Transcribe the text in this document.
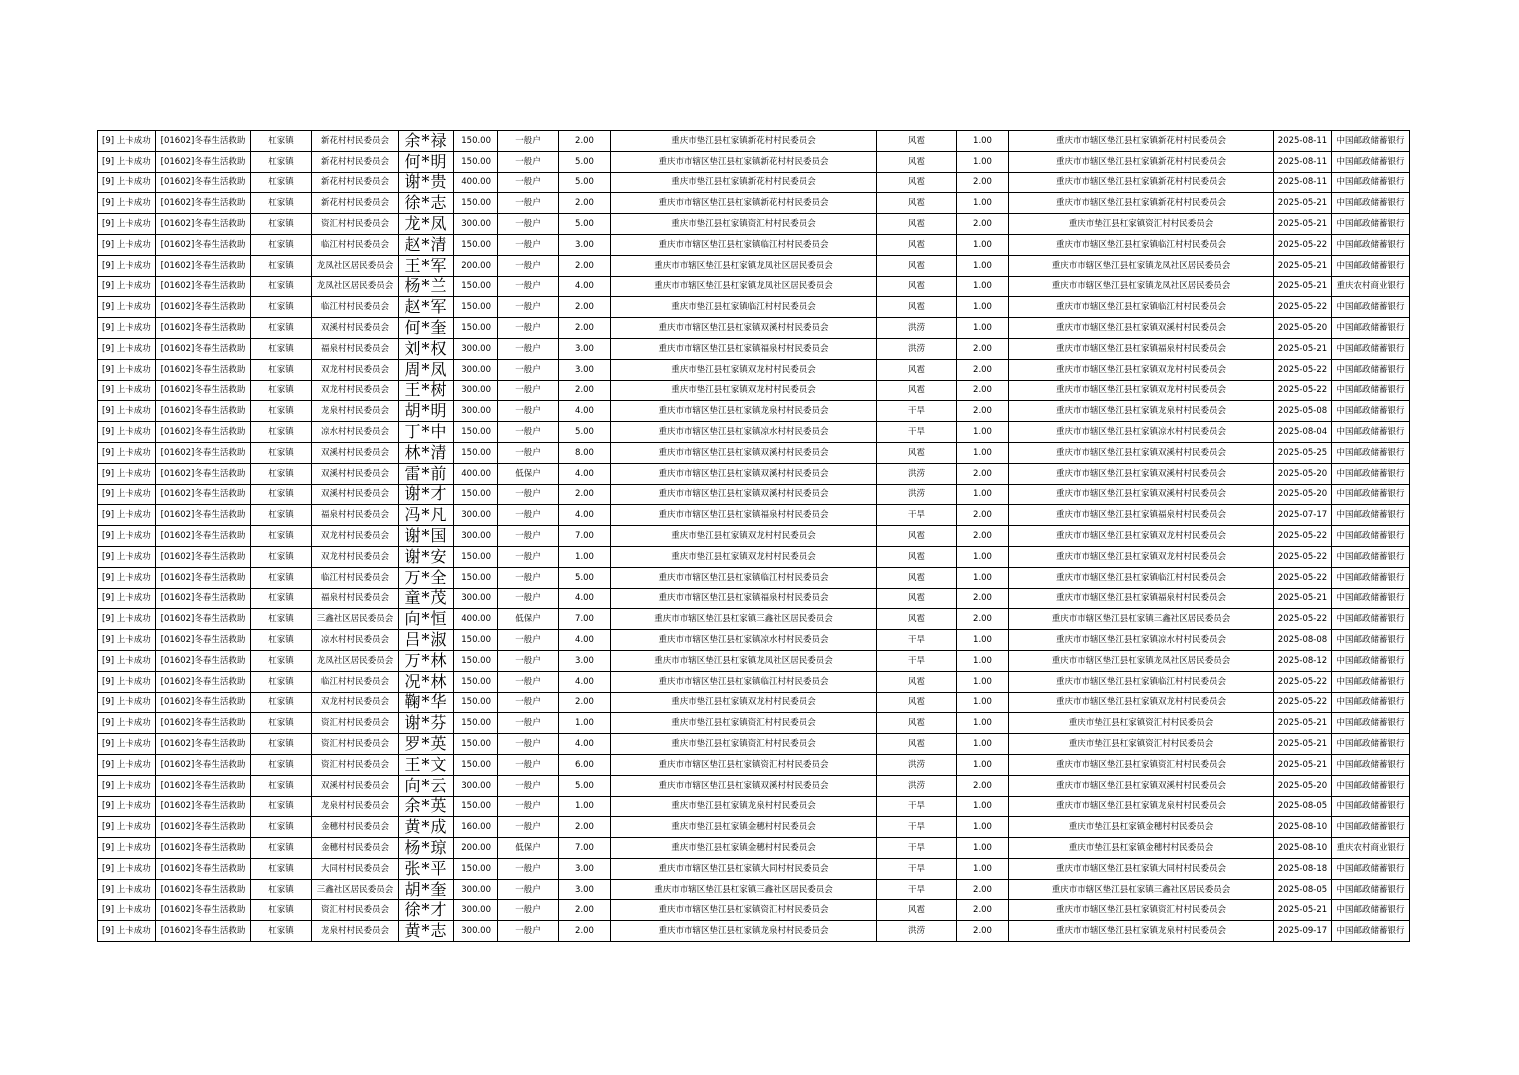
[9] 上卡成功	[01602]冬春生活救助	杠家镇	新花村村民委员会	余*禄	150.00	一般户	2.00	重庆市垫江县杠家镇新花村村民委员会	风雹	1.00	重庆市市辖区垫江县杠家镇新花村村民委员会	2025-08-11	中国邮政储蓄银行
[9] 上卡成功	[01602]冬春生活救助	杠家镇	新花村村民委员会	何*明	150.00	一般户	5.00	重庆市市辖区垫江县杠家镇新花村村民委员会	风雹	1.00	重庆市市辖区垫江县杠家镇新花村村民委员会	2025-08-11	中国邮政储蓄银行
[9] 上卡成功	[01602]冬春生活救助	杠家镇	新花村村民委员会	谢*贵	400.00	一般户	5.00	重庆市垫江县杠家镇新花村村民委员会	风雹	2.00	重庆市市辖区垫江县杠家镇新花村村民委员会	2025-08-11	中国邮政储蓄银行
[9] 上卡成功	[01602]冬春生活救助	杠家镇	新花村村民委员会	徐*志	150.00	一般户	2.00	重庆市市辖区垫江县杠家镇新花村村民委员会	风雹	1.00	重庆市市辖区垫江县杠家镇新花村村民委员会	2025-05-21	中国邮政储蓄银行
[9] 上卡成功	[01602]冬春生活救助	杠家镇	资汇村村民委员会	龙*凤	300.00	一般户	5.00	重庆市垫江县杠家镇资汇村村民委员会	风雹	2.00	重庆市垫江县杠家镇资汇村村民委员会	2025-05-21	中国邮政储蓄银行
[9] 上卡成功	[01602]冬春生活救助	杠家镇	临江村村民委员会	赵*清	150.00	一般户	3.00	重庆市市辖区垫江县杠家镇临江村村民委员会	风雹	1.00	重庆市市辖区垫江县杠家镇临江村村民委员会	2025-05-22	中国邮政储蓄银行
[9] 上卡成功	[01602]冬春生活救助	杠家镇	龙凤社区居民委员会	王*军	200.00	一般户	2.00	重庆市市辖区垫江县杠家镇龙凤社区居民委员会	风雹	1.00	重庆市市辖区垫江县杠家镇龙凤社区居民委员会	2025-05-21	中国邮政储蓄银行
[9] 上卡成功	[01602]冬春生活救助	杠家镇	龙凤社区居民委员会	杨*兰	150.00	一般户	4.00	重庆市市辖区垫江县杠家镇龙凤社区居民委员会	风雹	1.00	重庆市市辖区垫江县杠家镇龙凤社区居民委员会	2025-05-21	重庆农村商业银行
[9] 上卡成功	[01602]冬春生活救助	杠家镇	临江村村民委员会	赵*军	150.00	一般户	2.00	重庆市垫江县杠家镇临江村村民委员会	风雹	1.00	重庆市市辖区垫江县杠家镇临江村村民委员会	2025-05-22	中国邮政储蓄银行
[9] 上卡成功	[01602]冬春生活救助	杠家镇	双溪村村民委员会	何*奎	150.00	一般户	2.00	重庆市市辖区垫江县杠家镇双溪村村民委员会	洪涝	1.00	重庆市市辖区垫江县杠家镇双溪村村民委员会	2025-05-20	中国邮政储蓄银行
[9] 上卡成功	[01602]冬春生活救助	杠家镇	福泉村村民委员会	刘*权	300.00	一般户	3.00	重庆市市辖区垫江县杠家镇福泉村村民委员会	洪涝	2.00	重庆市市辖区垫江县杠家镇福泉村村民委员会	2025-05-21	中国邮政储蓄银行
[9] 上卡成功	[01602]冬春生活救助	杠家镇	双龙村村民委员会	周*凤	300.00	一般户	3.00	重庆市垫江县杠家镇双龙村村民委员会	风雹	2.00	重庆市市辖区垫江县杠家镇双龙村村民委员会	2025-05-22	中国邮政储蓄银行
[9] 上卡成功	[01602]冬春生活救助	杠家镇	双龙村村民委员会	王*树	300.00	一般户	2.00	重庆市垫江县杠家镇双龙村村民委员会	风雹	2.00	重庆市市辖区垫江县杠家镇双龙村村民委员会	2025-05-22	中国邮政储蓄银行
[9] 上卡成功	[01602]冬春生活救助	杠家镇	龙泉村村民委员会	胡*明	300.00	一般户	4.00	重庆市市辖区垫江县杠家镇龙泉村村民委员会	干旱	2.00	重庆市市辖区垫江县杠家镇龙泉村村民委员会	2025-05-08	中国邮政储蓄银行
[9] 上卡成功	[01602]冬春生活救助	杠家镇	凉水村村民委员会	丁*中	150.00	一般户	5.00	重庆市市辖区垫江县杠家镇凉水村村民委员会	干旱	1.00	重庆市市辖区垫江县杠家镇凉水村村民委员会	2025-08-04	中国邮政储蓄银行
[9] 上卡成功	[01602]冬春生活救助	杠家镇	双溪村村民委员会	林*清	150.00	一般户	8.00	重庆市市辖区垫江县杠家镇双溪村村民委员会	风雹	1.00	重庆市市辖区垫江县杠家镇双溪村村民委员会	2025-05-25	中国邮政储蓄银行
[9] 上卡成功	[01602]冬春生活救助	杠家镇	双溪村村民委员会	雷*前	400.00	低保户	4.00	重庆市市辖区垫江县杠家镇双溪村村民委员会	洪涝	2.00	重庆市市辖区垫江县杠家镇双溪村村民委员会	2025-05-20	中国邮政储蓄银行
[9] 上卡成功	[01602]冬春生活救助	杠家镇	双溪村村民委员会	谢*才	150.00	一般户	2.00	重庆市市辖区垫江县杠家镇双溪村村民委员会	洪涝	1.00	重庆市市辖区垫江县杠家镇双溪村村民委员会	2025-05-20	中国邮政储蓄银行
[9] 上卡成功	[01602]冬春生活救助	杠家镇	福泉村村民委员会	冯*凡	300.00	一般户	4.00	重庆市市辖区垫江县杠家镇福泉村村民委员会	干旱	2.00	重庆市市辖区垫江县杠家镇福泉村村民委员会	2025-07-17	中国邮政储蓄银行
[9] 上卡成功	[01602]冬春生活救助	杠家镇	双龙村村民委员会	谢*国	300.00	一般户	7.00	重庆市垫江县杠家镇双龙村村民委员会	风雹	2.00	重庆市市辖区垫江县杠家镇双龙村村民委员会	2025-05-22	中国邮政储蓄银行
[9] 上卡成功	[01602]冬春生活救助	杠家镇	双龙村村民委员会	谢*安	150.00	一般户	1.00	重庆市垫江县杠家镇双龙村村民委员会	风雹	1.00	重庆市市辖区垫江县杠家镇双龙村村民委员会	2025-05-22	中国邮政储蓄银行
[9] 上卡成功	[01602]冬春生活救助	杠家镇	临江村村民委员会	万*全	150.00	一般户	5.00	重庆市市辖区垫江县杠家镇临江村村民委员会	风雹	1.00	重庆市市辖区垫江县杠家镇临江村村民委员会	2025-05-22	中国邮政储蓄银行
[9] 上卡成功	[01602]冬春生活救助	杠家镇	福泉村村民委员会	童*茂	300.00	一般户	4.00	重庆市市辖区垫江县杠家镇福泉村村民委员会	风雹	2.00	重庆市市辖区垫江县杠家镇福泉村村民委员会	2025-05-21	中国邮政储蓄银行
[9] 上卡成功	[01602]冬春生活救助	杠家镇	三鑫社区居民委员会	向*恒	400.00	低保户	7.00	重庆市市辖区垫江县杠家镇三鑫社区居民委员会	风雹	2.00	重庆市市辖区垫江县杠家镇三鑫社区居民委员会	2025-05-22	中国邮政储蓄银行
[9] 上卡成功	[01602]冬春生活救助	杠家镇	凉水村村民委员会	吕*淑	150.00	一般户	4.00	重庆市市辖区垫江县杠家镇凉水村村民委员会	干旱	1.00	重庆市市辖区垫江县杠家镇凉水村村民委员会	2025-08-08	中国邮政储蓄银行
[9] 上卡成功	[01602]冬春生活救助	杠家镇	龙凤社区居民委员会	万*林	150.00	一般户	3.00	重庆市市辖区垫江县杠家镇龙凤社区居民委员会	干旱	1.00	重庆市市辖区垫江县杠家镇龙凤社区居民委员会	2025-08-12	中国邮政储蓄银行
[9] 上卡成功	[01602]冬春生活救助	杠家镇	临江村村民委员会	况*林	150.00	一般户	4.00	重庆市市辖区垫江县杠家镇临江村村民委员会	风雹	1.00	重庆市市辖区垫江县杠家镇临江村村民委员会	2025-05-22	中国邮政储蓄银行
[9] 上卡成功	[01602]冬春生活救助	杠家镇	双龙村村民委员会	鞠*华	150.00	一般户	2.00	重庆市垫江县杠家镇双龙村村民委员会	风雹	1.00	重庆市市辖区垫江县杠家镇双龙村村民委员会	2025-05-22	中国邮政储蓄银行
[9] 上卡成功	[01602]冬春生活救助	杠家镇	资汇村村民委员会	谢*芬	150.00	一般户	1.00	重庆市垫江县杠家镇资汇村村民委员会	风雹	1.00	重庆市垫江县杠家镇资汇村村民委员会	2025-05-21	中国邮政储蓄银行
[9] 上卡成功	[01602]冬春生活救助	杠家镇	资汇村村民委员会	罗*英	150.00	一般户	4.00	重庆市垫江县杠家镇资汇村村民委员会	风雹	1.00	重庆市垫江县杠家镇资汇村村民委员会	2025-05-21	中国邮政储蓄银行
[9] 上卡成功	[01602]冬春生活救助	杠家镇	资汇村村民委员会	王*文	150.00	一般户	6.00	重庆市市辖区垫江县杠家镇资汇村村民委员会	洪涝	1.00	重庆市市辖区垫江县杠家镇资汇村村民委员会	2025-05-21	中国邮政储蓄银行
[9] 上卡成功	[01602]冬春生活救助	杠家镇	双溪村村民委员会	向*云	300.00	一般户	5.00	重庆市市辖区垫江县杠家镇双溪村村民委员会	洪涝	2.00	重庆市市辖区垫江县杠家镇双溪村村民委员会	2025-05-20	中国邮政储蓄银行
[9] 上卡成功	[01602]冬春生活救助	杠家镇	龙泉村村民委员会	余*英	150.00	一般户	1.00	重庆市垫江县杠家镇龙泉村村民委员会	干旱	1.00	重庆市市辖区垫江县杠家镇龙泉村村民委员会	2025-08-05	中国邮政储蓄银行
[9] 上卡成功	[01602]冬春生活救助	杠家镇	金穗村村民委员会	黄*成	160.00	一般户	2.00	重庆市垫江县杠家镇金穗村村民委员会	干旱	1.00	重庆市垫江县杠家镇金穗村村民委员会	2025-08-10	中国邮政储蓄银行
[9] 上卡成功	[01602]冬春生活救助	杠家镇	金穗村村民委员会	杨*琼	200.00	低保户	7.00	重庆市垫江县杠家镇金穗村村民委员会	干旱	1.00	重庆市垫江县杠家镇金穗村村民委员会	2025-08-10	重庆农村商业银行
[9] 上卡成功	[01602]冬春生活救助	杠家镇	大同村村民委员会	张*平	150.00	一般户	3.00	重庆市市辖区垫江县杠家镇大同村村民委员会	干旱	1.00	重庆市市辖区垫江县杠家镇大同村村民委员会	2025-08-18	中国邮政储蓄银行
[9] 上卡成功	[01602]冬春生活救助	杠家镇	三鑫社区居民委员会	胡*奎	300.00	一般户	3.00	重庆市市辖区垫江县杠家镇三鑫社区居民委员会	干旱	2.00	重庆市市辖区垫江县杠家镇三鑫社区居民委员会	2025-08-05	中国邮政储蓄银行
[9] 上卡成功	[01602]冬春生活救助	杠家镇	资汇村村民委员会	徐*才	300.00	一般户	2.00	重庆市市辖区垫江县杠家镇资汇村村民委员会	风雹	2.00	重庆市市辖区垫江县杠家镇资汇村村民委员会	2025-05-21	中国邮政储蓄银行
[9] 上卡成功	[01602]冬春生活救助	杠家镇	龙泉村村民委员会	黄*志	300.00	一般户	2.00	重庆市市辖区垫江县杠家镇龙泉村村民委员会	洪涝	2.00	重庆市市辖区垫江县杠家镇龙泉村村民委员会	2025-09-17	中国邮政储蓄银行
